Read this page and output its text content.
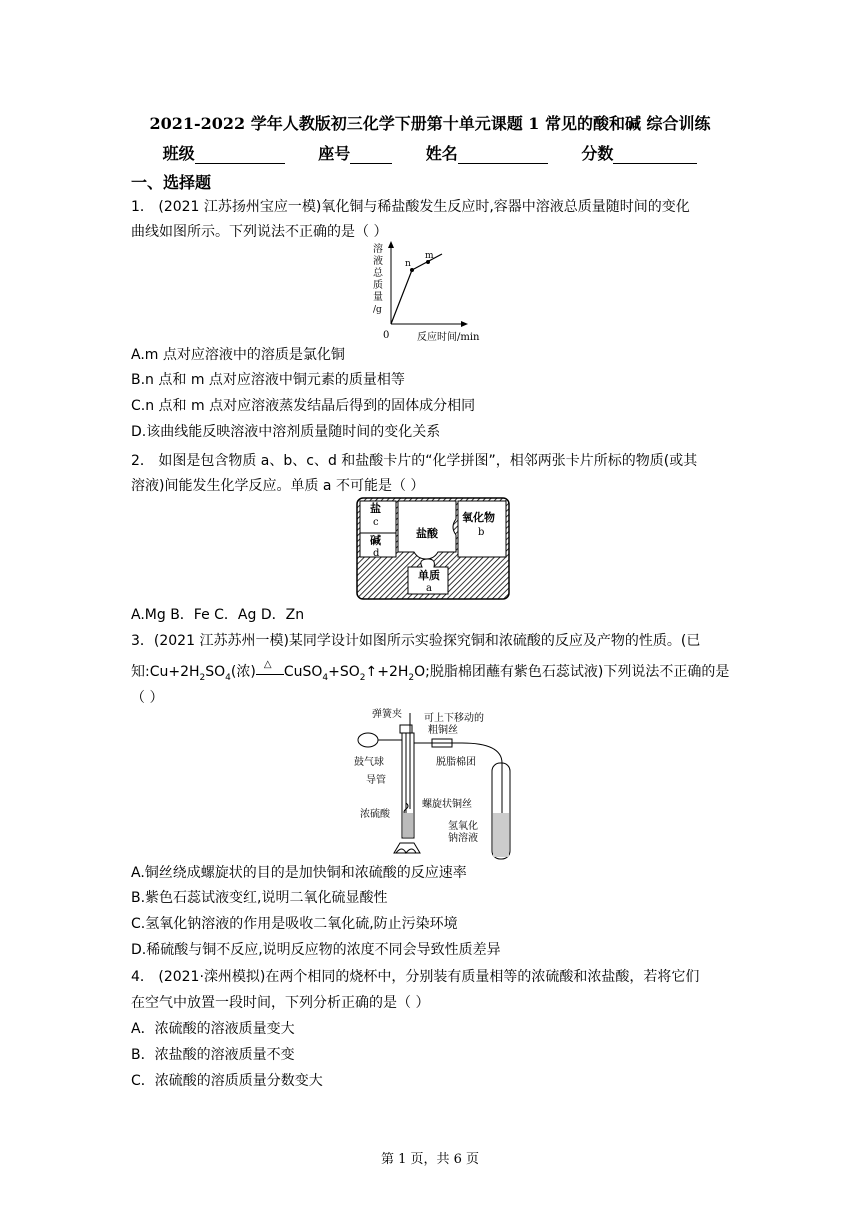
2021-2022 学年人教版初三化学下册第十单元课题 1 常见的酸和碱 综合训练
班级	座号	姓名	分数
一、选择题
1． (2021 江苏扬州宝应一模)氧化铜与稀盐酸发生反应时,容器中溶液总质量随时间的变化
曲线如图所示。下列说法不正确的是（ ）
溶
液
总
质
量
/g
0	反应时间/min
n
m
A.m 点对应溶液中的溶质是氯化铜
B.n 点和 m 点对应溶液中铜元素的质量相等
C.n 点和 m 点对应溶液蒸发结晶后得到的固体成分相同
D.该曲线能反映溶液中溶剂质量随时间的变化关系
2． 如图是包含物质 a、b、c、d 和盐酸卡片的“化学拼图”，相邻两张卡片所标的物质(或其
溶液)间能发生化学反应。单质 a 不可能是（ ）
盐
c
碱
d
盐酸
氧化物
b
单质
a
A.Mg B．Fe C．Ag D．Zn
3．(2021 江苏苏州一模)某同学设计如图所示实验探究铜和浓硫酸的反应及产物的性质。(已
知$:Cu+2H_2SO_4$(浓) △ $CuSO_4+SO_2↑+2H_2O$;脱脂棉团蘸有紫色石蕊试液)下列说法不正确的是
（ ）
弹簧夹 可上下移动的
粗铜丝
鼓气球
导管
脱脂棉团
螺旋状铜丝
浓硫酸
氢氧化
钠溶液
A.铜丝绕成螺旋状的目的是加快铜和浓硫酸的反应速率
B.紫色石蕊试液变红,说明二氧化硫显酸性
C.氢氧化钠溶液的作用是吸收二氧化硫,防止污染环境
D.稀硫酸与铜不反应,说明反应物的浓度不同会导致性质差异
4． (2021·滦州模拟)在两个相同的烧杯中，分别装有质量相等的浓硫酸和浓盐酸，若将它们
在空气中放置一段时间，下列分析正确的是（ ）
A．浓硫酸的溶液质量变大
B．浓盐酸的溶液质量不变
C．浓硫酸的溶质质量分数变大
第 1 页，共 6 页
